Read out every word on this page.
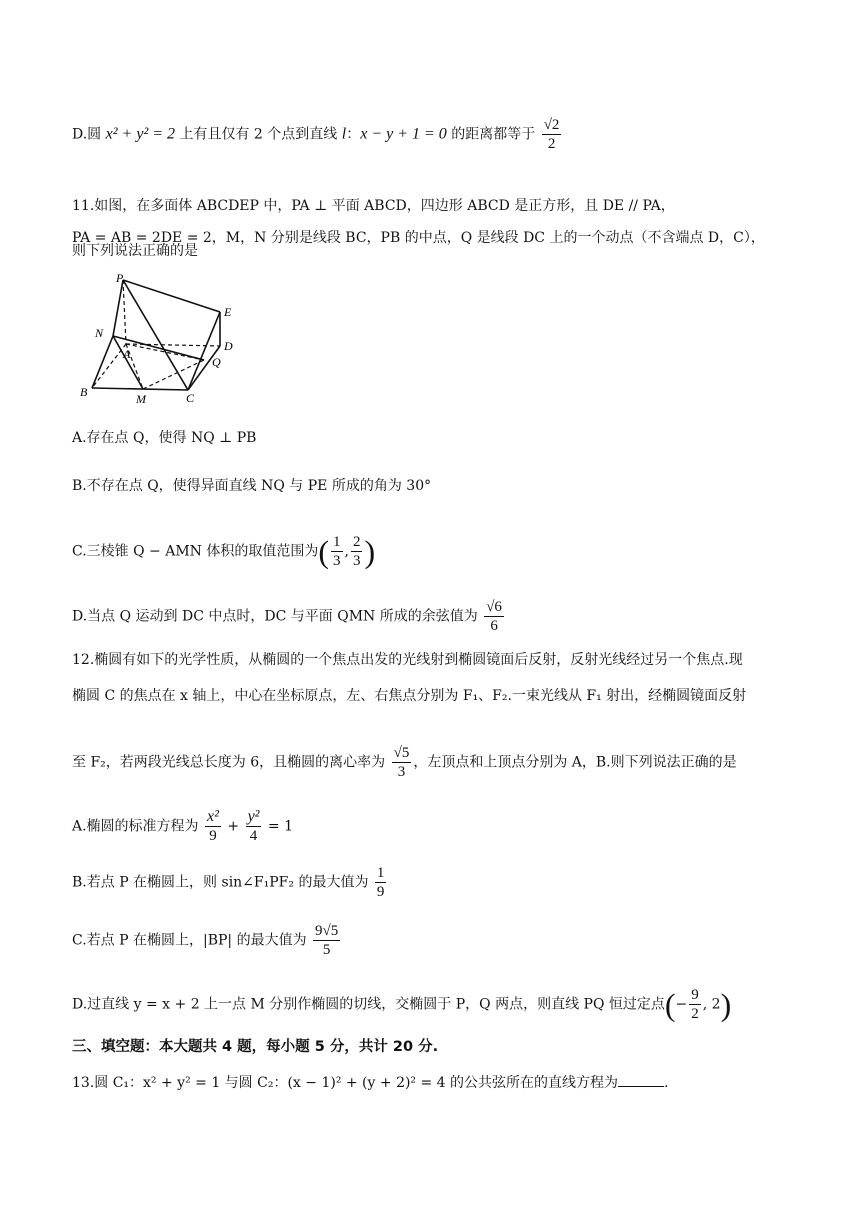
D.圆 x² + y² = 2 上有且仅有 2 个点到直线 l：x − y + 1 = 0 的距离都等于 $\frac{√2}{2}$
11.如图，在多面体 ABCDEP 中，PA ⊥ 平面 ABCD，四边形 ABCD 是正方形，且 DE // PA，
PA = AB = 2DE = 2，M，N 分别是线段 BC，PB 的中点，Q 是线段 DC 上的一个动点（不含端点 D，C），
则下列说法正确的是
P
E
N
A
D
Q
B	M	C
A.存在点 Q，使得 NQ ⊥ PB
B.不存在点 Q，使得异面直线 NQ 与 PE 所成的角为 30°
C.三棱锥 Q − AMN 体积的取值范围为( $\frac{1}{3}$ , $\frac{2}{3}$ )
D.当点 Q 运动到 DC 中点时，DC 与平面 QMN 所成的余弦值为 $\frac{√6}{6}$
12.椭圆有如下的光学性质，从椭圆的一个焦点出发的光线射到椭圆镜面后反射，反射光线经过另一个焦点.现
椭圆 C 的焦点在 x 轴上，中心在坐标原点，左、右焦点分别为 F₁、F₂.一束光线从 F₁ 射出，经椭圆镜面反射
至 F₂，若两段光线总长度为 6，且椭圆的离心率为 $\frac{√5}{3}$ ，左顶点和上顶点分别为 A，B.则下列说法正确的是
A.椭圆的标准方程为 $\frac{\text{x²}}{9} + \frac{\text{y²}}{4} = 1$
B.若点 P 在椭圆上，则 sin∠F₁PF₂ 的最大值为 $\frac{1}{9}$
C.若点 P 在椭圆上，|BP| 的最大值为 $\frac{9√5}{5}$
D.过直线 y = x + 2 上一点 M 分别作椭圆的切线，交椭圆于 P，Q 两点，则直线 PQ 恒过定点(− $\frac{9}{2}$ , 2)
三、填空题：本大题共 4 题，每小题 5 分，共计 20 分.
13.圆 C₁：x² + y² = 1 与圆 C₂：(x − 1)² + (y + 2)² = 4 的公共弦所在的直线方程为	.
